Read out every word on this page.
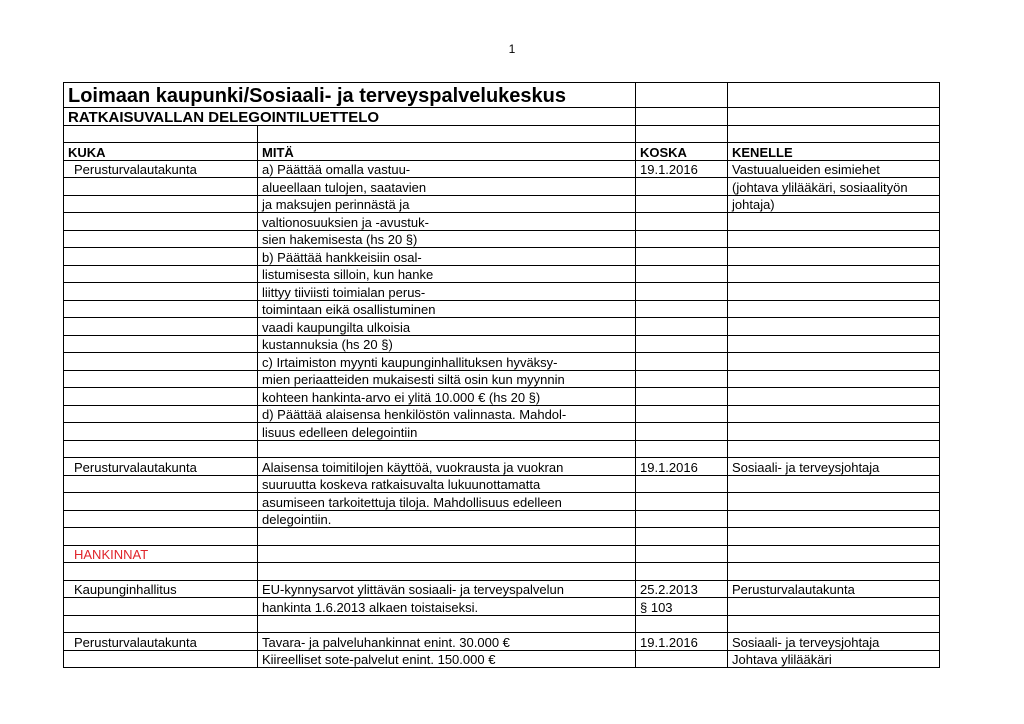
1
Loimaan kaupunki/Sosiaali- ja terveyspalvelukeskus			
RATKAISUVALLAN DELEGOINTILUETTELO			

KUKA	MITÄ	KOSKA	KENELLE
Perusturvalautakunta	a) Päättää omalla vastuu-	19.1.2016	Vastuualueiden esimiehet
	alueellaan tulojen, saatavien		(johtava ylilääkäri, sosiaalityön
	ja maksujen perinnästä ja		johtaja)
	valtionosuuksien ja -avustuk-		
	sien hakemisesta (hs 20 §)		
	b) Päättää hankkeisiin osal-		
	listumisesta silloin, kun hanke		
	liittyy tiiviisti toimialan perus-		
	toimintaan eikä osallistuminen		
	vaadi kaupungilta ulkoisia		
	kustannuksia (hs 20 §)		
	c) Irtaimiston myynti kaupunginhallituksen hyväksy-		
	mien periaatteiden mukaisesti siltä osin kun myynnin		
	kohteen hankinta-arvo ei ylitä 10.000 € (hs 20 §)		
	d) Päättää alaisensa henkilöstön valinnasta. Mahdol-		
	lisuus edelleen delegointiin		

Perusturvalautakunta	Alaisensa toimitilojen käyttöä, vuokrausta ja vuokran	19.1.2016	Sosiaali- ja terveysjohtaja
	suuruutta koskeva ratkaisuvalta lukuunottamatta		
	asumiseen tarkoitettuja tiloja. Mahdollisuus edelleen		
	delegointiin.		

HANKINNAT			

Kaupunginhallitus	EU-kynnysarvot ylittävän sosiaali- ja terveyspalvelun	25.2.2013	Perusturvalautakunta
	hankinta 1.6.2013 alkaen toistaiseksi.	§ 103	

Perusturvalautakunta	Tavara- ja palveluhankinnat enint. 30.000 €	19.1.2016	Sosiaali- ja terveysjohtaja
	Kiireelliset sote-palvelut enint. 150.000 €		Johtava ylilääkäri
